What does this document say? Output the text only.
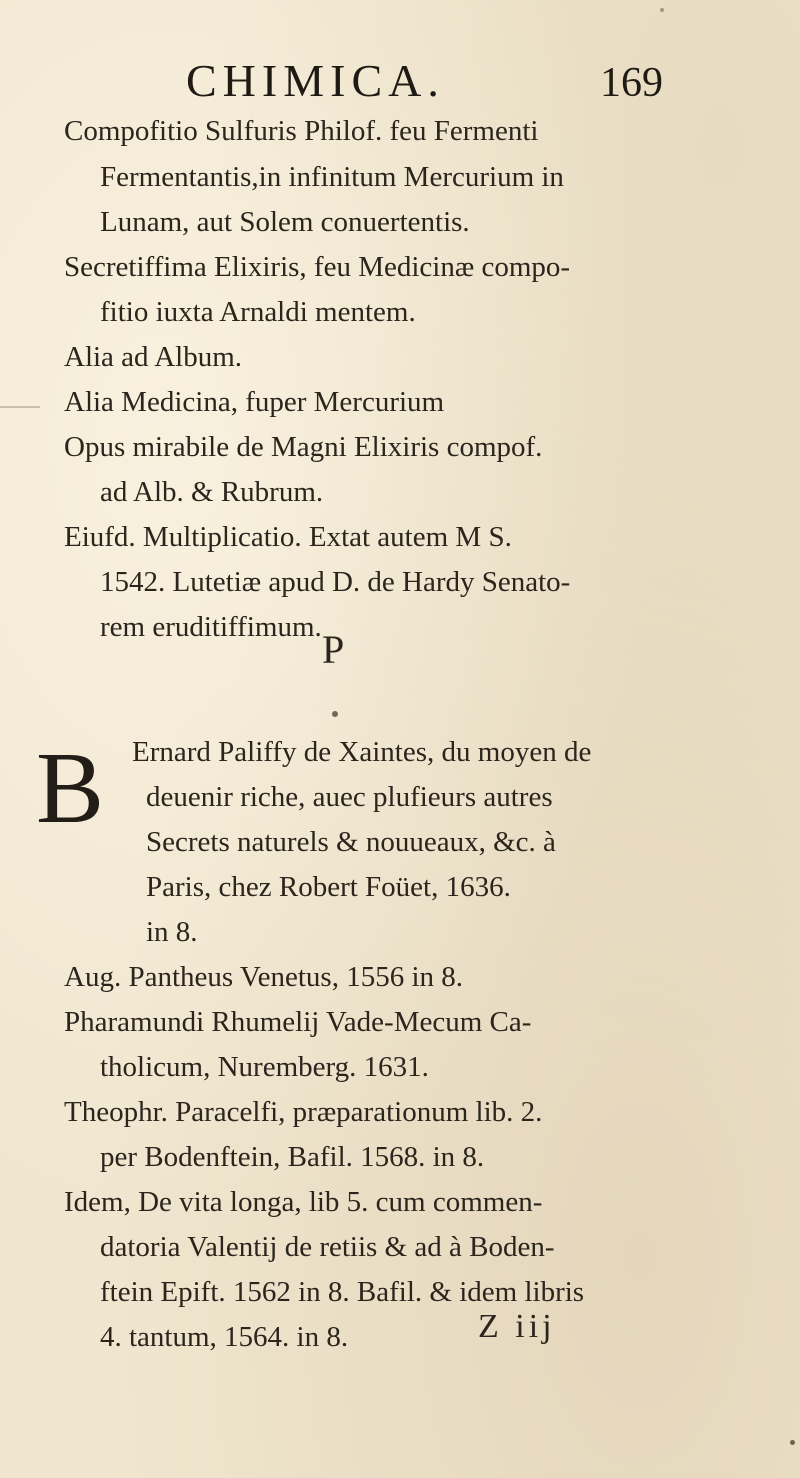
CHIMICA.	169
Compofitio Sulfuris Philof. feu Fermenti
Fermentantis,in infinitum Mercurium in
Lunam, aut Solem conuertentis.
Secretiffima Elixiris, feu Medicinæ compo-
fitio iuxta Arnaldi mentem.
Alia ad Album.
Alia Medicina, fuper Mercurium
Opus mirabile de Magni Elixiris compof.
ad Alb. & Rubrum.
Eiufd. Multiplicatio. Extat autem M S.
1542. Lutetiæ apud D. de Hardy Senato-
rem eruditiffimum. P
B Ernard Paliffy de Xaintes, du moyen de
deuenir riche, auec plufieurs autres
Secrets naturels & nouueaux, &c. à
Paris, chez Robert Foüet, 1636.
in 8.
Aug. Pantheus Venetus, 1556 in 8.
Pharamundi Rhumelij Vade-Mecum Ca-
tholicum, Nuremberg. 1631.
Theophr. Paracelfi, præparationum lib. 2.
per Bodenftein, Bafil. 1568. in 8.
Idem, De vita longa, lib 5. cum commen-
datoria Valentij de retiis & ad à Boden-
ftein Epift. 1562 in 8. Bafil. & idem libris
4. tantum, 1564. in 8.	Z iij
